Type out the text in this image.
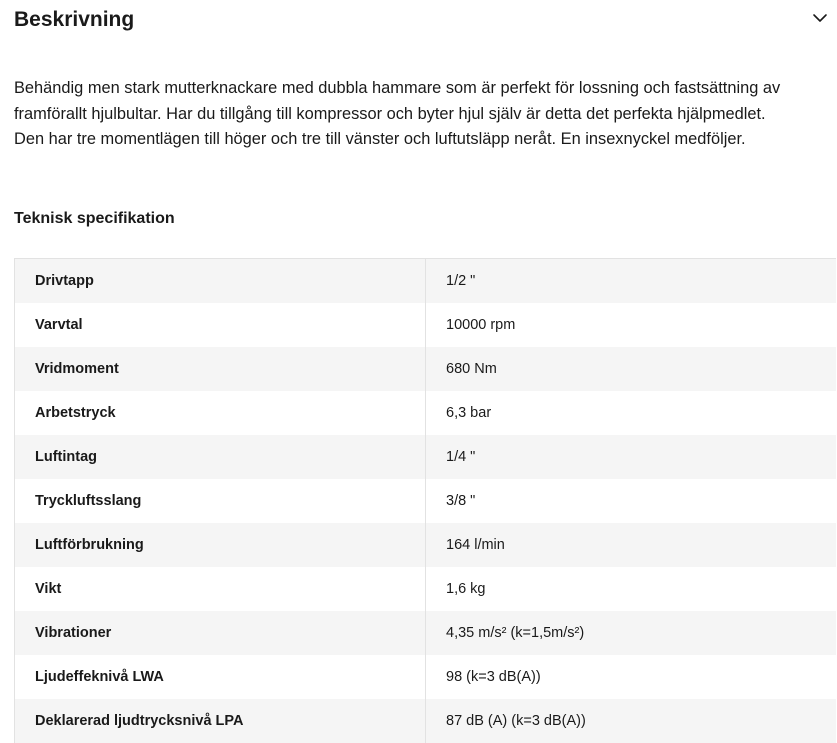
Beskrivning

Behändig men stark mutterknackare med dubbla hammare som är perfekt för lossning och fastsättning av
framförallt hjulbultar. Har du tillgång till kompressor och byter hjul själv är detta det perfekta hjälpmedlet.
Den har tre momentlägen till höger och tre till vänster och luftutsläpp neråt. En insexnyckel medföljer.

Teknisk specifikation
Drivtapp	1/2 "
Varvtal	10000 rpm
Vridmoment	680 Nm
Arbetstryck	6,3 bar
Luftintag	1/4 "
Tryckluftsslang	3/8 "
Luftförbrukning	164 l/min
Vikt	1,6 kg
Vibrationer	4,35 m/s² (k=1,5m/s²)
Ljudeffeknivå LWA	98 (k=3 dB(A))
Deklarerad ljudtrycksnivå LPA	87 dB (A) (k=3 dB(A))
